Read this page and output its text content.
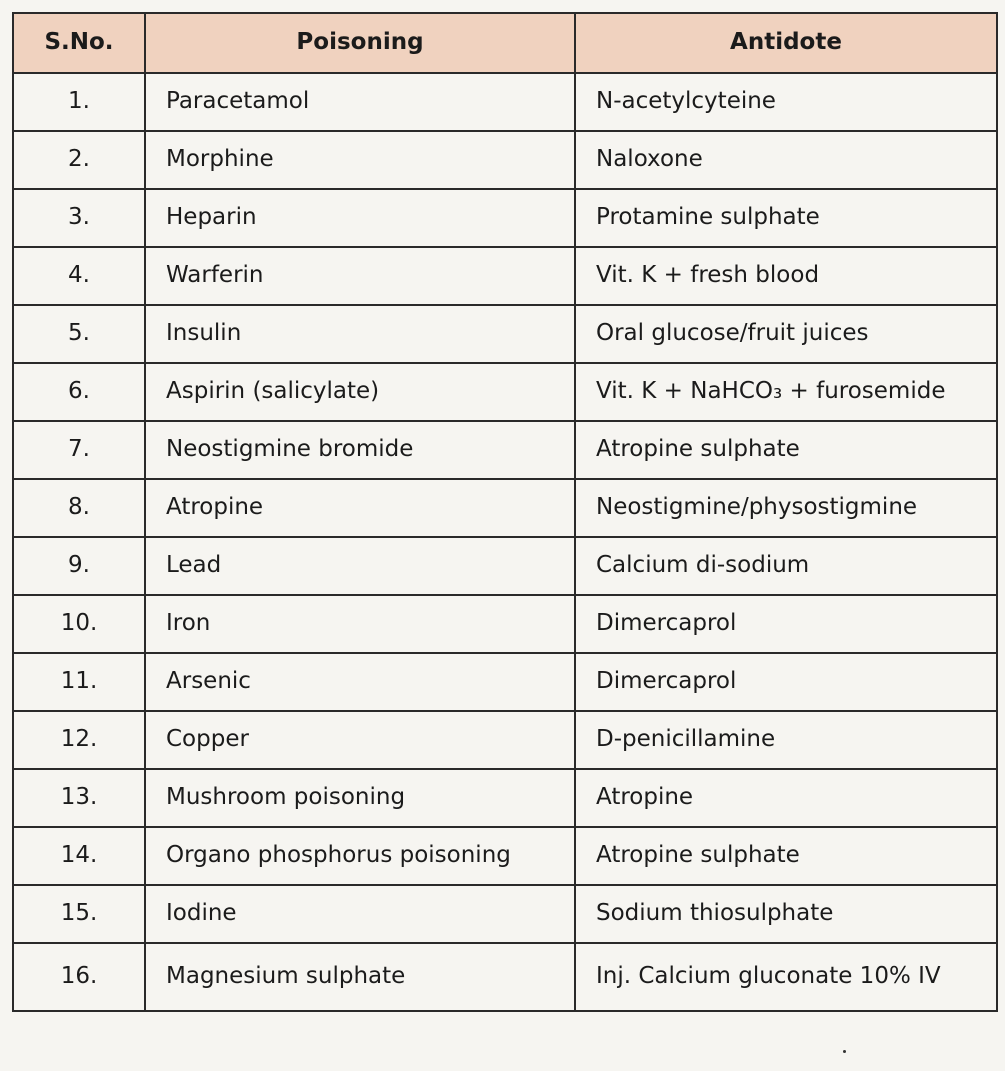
S.No.	Poisoning	Antidote
1.	Paracetamol	N-acetylcyteine
2.	Morphine	Naloxone
3.	Heparin	Protamine sulphate
4.	Warferin	Vit. K + fresh blood
5.	Insulin	Oral glucose/fruit juices
6.	Aspirin (salicylate)	Vit. K + NaHCO₃ + furosemide
7.	Neostigmine bromide	Atropine sulphate
8.	Atropine	Neostigmine/physostigmine
9.	Lead	Calcium di-sodium
10.	Iron	Dimercaprol
11.	Arsenic	Dimercaprol
12.	Copper	D-penicillamine
13.	Mushroom poisoning	Atropine
14.	Organo phosphorus poisoning	Atropine sulphate
15.	Iodine	Sodium thiosulphate
16.	Magnesium sulphate	Inj. Calcium gluconate 10% IV
